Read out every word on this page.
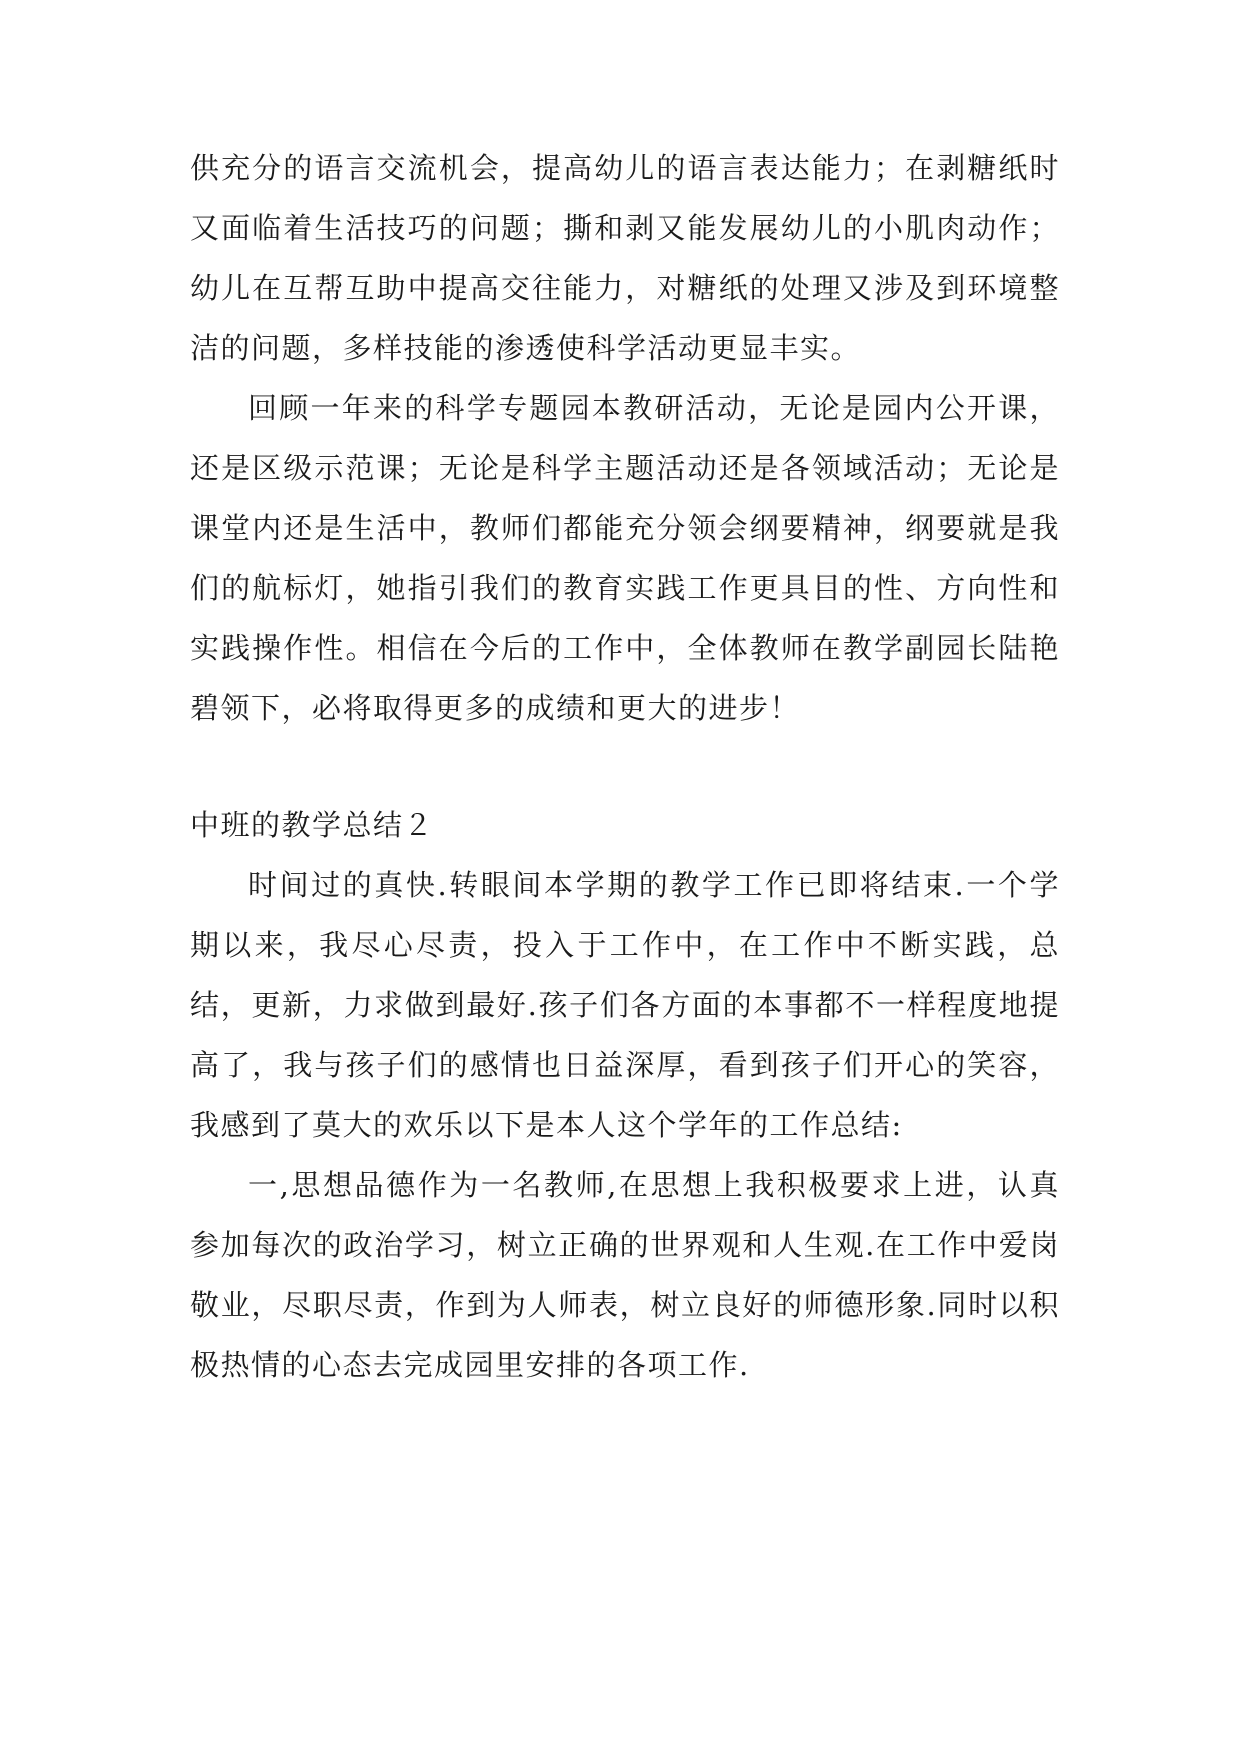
供充分的语言交流机会，提高幼儿的语言表达能力；在剥糖纸时又面临着生活技巧的问题；撕和剥又能发展幼儿的小肌肉动作；幼儿在互帮互助中提高交往能力，对糖纸的处理又涉及到环境整洁的问题，多样技能的渗透使科学活动更显丰实。

回顾一年来的科学专题园本教研活动，无论是园内公开课，还是区级示范课；无论是科学主题活动还是各领域活动；无论是课堂内还是生活中，教师们都能充分领会纲要精神，纲要就是我们的航标灯，她指引我们的教育实践工作更具目的性、方向性和实践操作性。相信在今后的工作中，全体教师在教学副园长陆艳碧领下，必将取得更多的成绩和更大的进步！

中班的教学总结２

时间过的真快.转眼间本学期的教学工作已即将结束.一个学期以来，我尽心尽责，投入于工作中，在工作中不断实践，总结，更新，力求做到最好.孩子们各方面的本事都不一样程度地提高了，我与孩子们的感情也日益深厚，看到孩子们开心的笑容，我感到了莫大的欢乐以下是本人这个学年的工作总结:

一,思想品德作为一名教师,在思想上我积极要求上进，认真参加每次的政治学习，树立正确的世界观和人生观.在工作中爱岗敬业，尽职尽责，作到为人师表，树立良好的师德形象.同时以积极热情的心态去完成园里安排的各项工作.
